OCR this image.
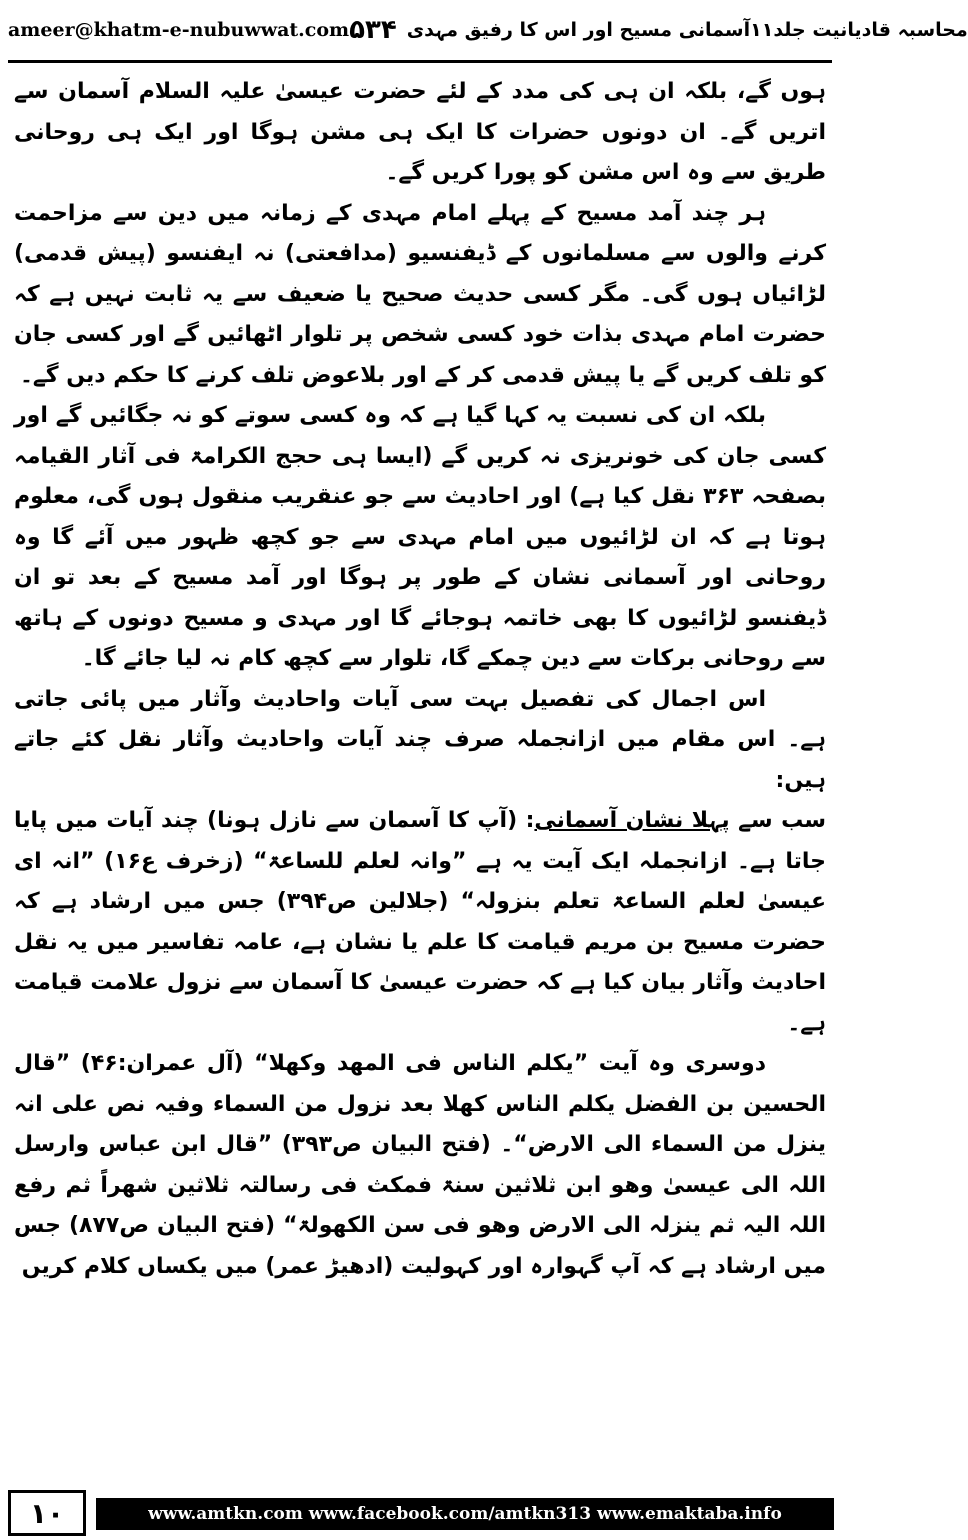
ameer@khatm-e-nubuwwat.com	محاسبہ قادیانیت جلد۱۱آسمانی مسیح اور اس کا رفیق مہدی
۵۳۴

ہوں گے، بلکہ ان ہی کی مدد کے لئے حضرت عیسیٰ علیہ السلام آسمان سے اتریں گے۔ ان دونوں حضرات کا ایک ہی مشن ہوگا اور ایک ہی روحانی طریق سے وہ اس مشن کو پورا کریں گے۔

ہر چند آمد مسیح کے پہلے امام مہدی کے زمانہ میں دین سے مزاحمت کرنے والوں سے مسلمانوں کے ڈیفنسیو (مدافعتی) نہ ایفنسو (پیش قدمی) لڑائیاں ہوں گی۔ مگر کسی حدیث صحیح یا ضعیف سے یہ ثابت نہیں ہے کہ حضرت امام مہدی بذات خود کسی شخص پر تلوار اٹھائیں گے اور کسی جان کو تلف کریں گے یا پیش قدمی کر کے اور بلاعوض تلف کرنے کا حکم دیں گے۔

بلکہ ان کی نسبت یہ کہا گیا ہے کہ وہ کسی سوتے کو نہ جگائیں گے اور کسی جان کی خونریزی نہ کریں گے (ایسا ہی حجج الکرامۃ فی آثار القیامہ بصفحہ ۳۶۳ نقل کیا ہے) اور احادیث سے جو عنقریب منقول ہوں گی، معلوم ہوتا ہے کہ ان لڑائیوں میں امام مہدی سے جو کچھ ظہور میں آئے گا وہ روحانی اور آسمانی نشان کے طور پر ہوگا اور آمد مسیح کے بعد تو ان ڈیفنسو لڑائیوں کا بھی خاتمہ ہوجائے گا اور مہدی و مسیح دونوں کے ہاتھ سے روحانی برکات سے دین چمکے گا، تلوار سے کچھ کام نہ لیا جائے گا۔

اس اجمال کی تفصیل بہت سی آیات واحادیث وآثار میں پائی جاتی ہے۔ اس مقام میں ازانجملہ صرف چند آیات واحادیث وآثار نقل کئے جاتے ہیں:

سب سے پہلا نشان آسمانی: (آپ کا آسمان سے نازل ہونا) چند آیات میں پایا جاتا ہے۔ ازانجملہ ایک آیت یہ ہے ”وانہ لعلم للساعۃ“ (زخرف ع۱۶) ”انہ ای عیسیٰ لعلم الساعۃ تعلم بنزولہ“ (جلالین ص۳۹۴) جس میں ارشاد ہے کہ حضرت مسیح بن مریم قیامت کا علم یا نشان ہے، عامہ تفاسیر میں یہ نقل احادیث وآثار بیان کیا ہے کہ حضرت عیسیٰ کا آسمان سے نزول علامت قیامت ہے۔

دوسری وہ آیت ”یکلم الناس فی المھد وکھلا“ (آل عمران:۴۶) ”قال الحسین بن الفضل یکلم الناس کھلا بعد نزول من السماء وفیہ نص علی انہ ینزل من السماء الی الارض“۔ (فتح البیان ص۳۹۳) ”قال ابن عباس وارسل اللہ الی عیسیٰ وھو ابن ثلاثین سنۃ فمکث فی رسالتہ ثلاثین شھراً ثم رفع اللہ الیہ ثم ینزلہ الی الارض وھو فی سن الکھولۃ“ (فتح البیان ص۸۷۷) جس میں ارشاد ہے کہ آپ گہوارہ اور کہولیت (ادھیڑ عمر) میں یکساں کلام کریں

۱۰	www.amtkn.com www.facebook.com/amtkn313 www.emaktaba.info
